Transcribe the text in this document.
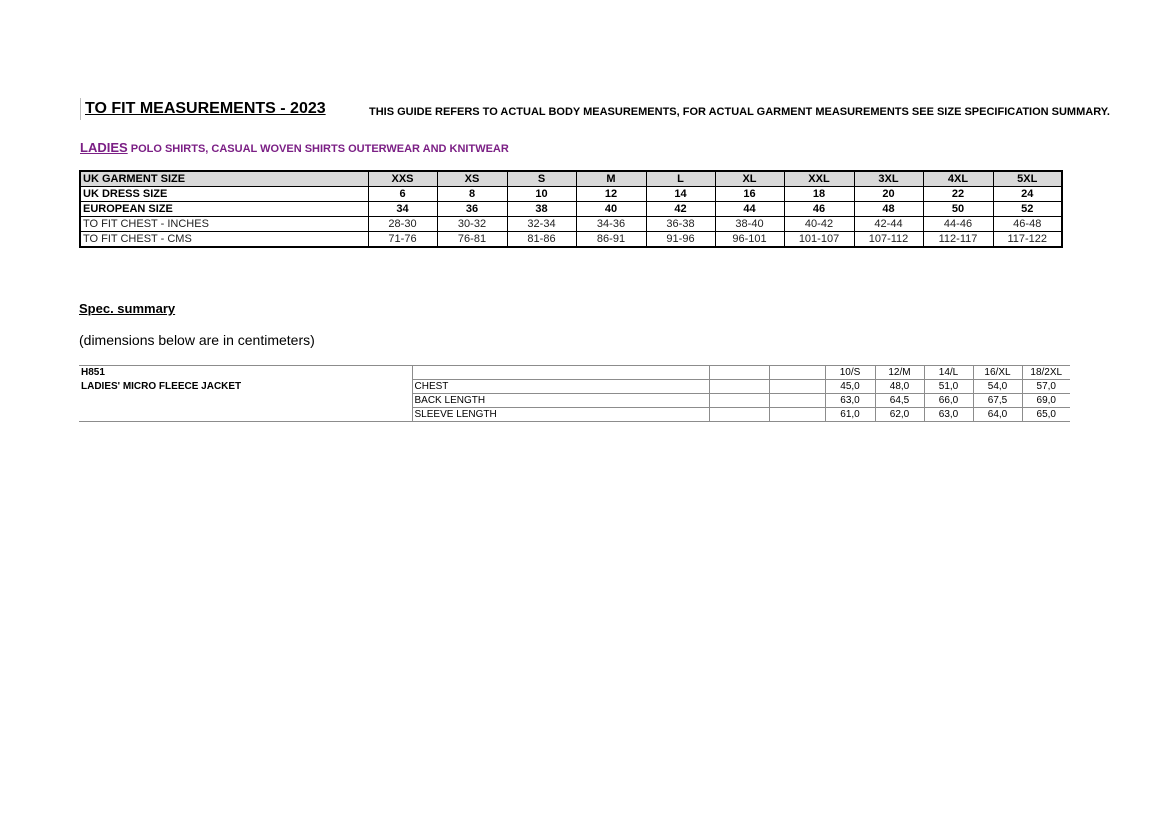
TO FIT MEASUREMENTS - 2023	THIS GUIDE REFERS TO ACTUAL BODY MEASUREMENTS, FOR ACTUAL GARMENT MEASUREMENTS SEE SIZE SPECIFICATION SUMMARY.
LADIES POLO SHIRTS, CASUAL WOVEN SHIRTS OUTERWEAR AND KNITWEAR
UK GARMENT SIZE	XXS	XS	S	M	L	XL	XXL	3XL	4XL	5XL
UK DRESS SIZE	6	8	10	12	14	16	18	20	22	24
EUROPEAN SIZE	34	36	38	40	42	44	46	48	50	52
TO FIT CHEST - INCHES	28-30	30-32	32-34	34-36	36-38	38-40	40-42	42-44	44-46	46-48
TO FIT CHEST - CMS	71-76	76-81	81-86	86-91	91-96	96-101	101-107	107-112	112-117	117-122
Spec. summary
(dimensions below are in centimeters)
H851				10/S	12/M	14/L	16/XL	18/2XL
LADIES' MICRO FLEECE JACKET	CHEST			45,0	48,0	51,0	54,0	57,0
	BACK LENGTH			63,0	64,5	66,0	67,5	69,0
	SLEEVE LENGTH			61,0	62,0	63,0	64,0	65,0
